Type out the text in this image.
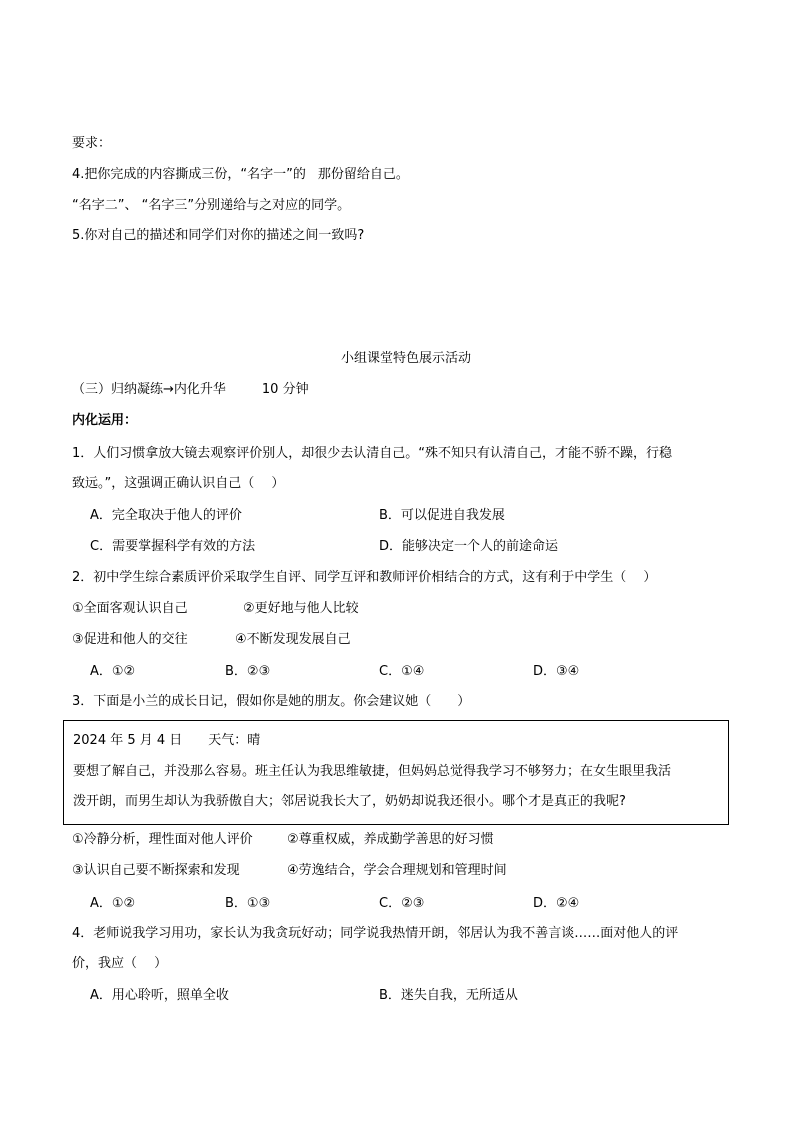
要求：
4.把你完成的内容撕成三份，“名字一”的 那份留给自己。
“名字二”、 “名字三”分别递给与之对应的同学。
5.你对自己的描述和同学们对你的描述之间一致吗?
小组课堂特色展示活动
（三）归纳凝练→内化升华	10 分钟
内化运用：
1．人们习惯拿放大镜去观察评价别人，却很少去认清自己。“殊不知只有认清自己，才能不骄不躁，行稳
致远。”，这强调正确认识自己（　 ）
A．完全取决于他人的评价	B．可以促进自我发展
C．需要掌握科学有效的方法	D．能够决定一个人的前途命运
2．初中学生综合素质评价采取学生自评、同学互评和教师评价相结合的方式，这有利于中学生（　 ）
①全面客观认识自己	②更好地与他人比较
③促进和他人的交往	④不断发现发展自己
A．①②	B．②③	C．①④	D．③④
3．下面是小兰的成长日记，假如你是她的朋友。你会建议她（　　）
2024 年 5 月 4 日 天气：晴
要想了解自己，并没那么容易。班主任认为我思维敏捷，但妈妈总觉得我学习不够努力；在女生眼里我活
泼开朗，而男生却认为我骄傲自大；邻居说我长大了，奶奶却说我还很小。哪个才是真正的我呢?
①冷静分析，理性面对他人评价	②尊重权威，养成勤学善思的好习惯
③认识自己要不断探索和发现	④劳逸结合，学会合理规划和管理时间
A．①②	B．①③	C．②③	D．②④
4．老师说我学习用功，家长认为我贪玩好动；同学说我热情开朗，邻居认为我不善言谈……面对他人的评
价，我应（　 ）
A．用心聆听，照单全收	B．迷失自我，无所适从
